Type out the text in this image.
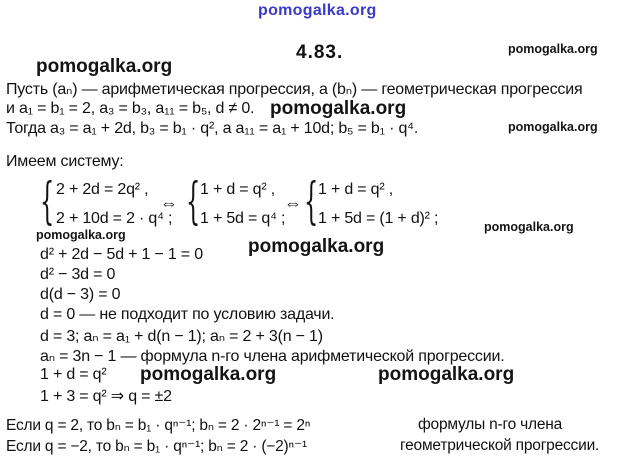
pomogalka.org
pomogalka.org
pomogalka.org
pomogalka.org
pomogalka.org	pomogalka.org
pomogalka.org
pomogalka.org
pomogalka.org
pomogalka.org
4.83.
Пусть (aₙ) — арифметическая прогрессия, а (bₙ) — геометрическая прогрессия
и a₁ = b₁ = 2, a₃ = b₃, a₁₁ = b₅, d ≠ 0.
Тогда a₃ = a₁ + 2d, b₃ = b₁ · q², а a₁₁ = a₁ + 10d; b₅ = b₁ · q⁴.
Имеем систему:
{ 2 + 2d = 2q² ,
2 + 10d = 2 · q⁴ ;
⇔ { 1 + d = q² ,
1 + 5d = q⁴ ;
⇔ { 1 + d = q² ,
1 + 5d = (1 + d)² ;
d² + 2d − 5d + 1 − 1 = 0
d² − 3d = 0
d(d − 3) = 0
d = 0 — не подходит по условию задачи.
d = 3; aₙ = a₁ + d(n − 1); aₙ = 2 + 3(n − 1)
aₙ = 3n − 1 — формула n-го члена арифметической прогрессии.
1 + d = q²
1 + 3 = q² ⇒ q = ±2
Если q = 2, то bₙ = b₁ · qⁿ⁻¹; bₙ = 2 · 2ⁿ⁻¹ = 2ⁿ
Если q = −2, то bₙ = b₁ · qⁿ⁻¹; bₙ = 2 · (−2)ⁿ⁻¹
формулы n-го члена
геометрической прогрессии.
